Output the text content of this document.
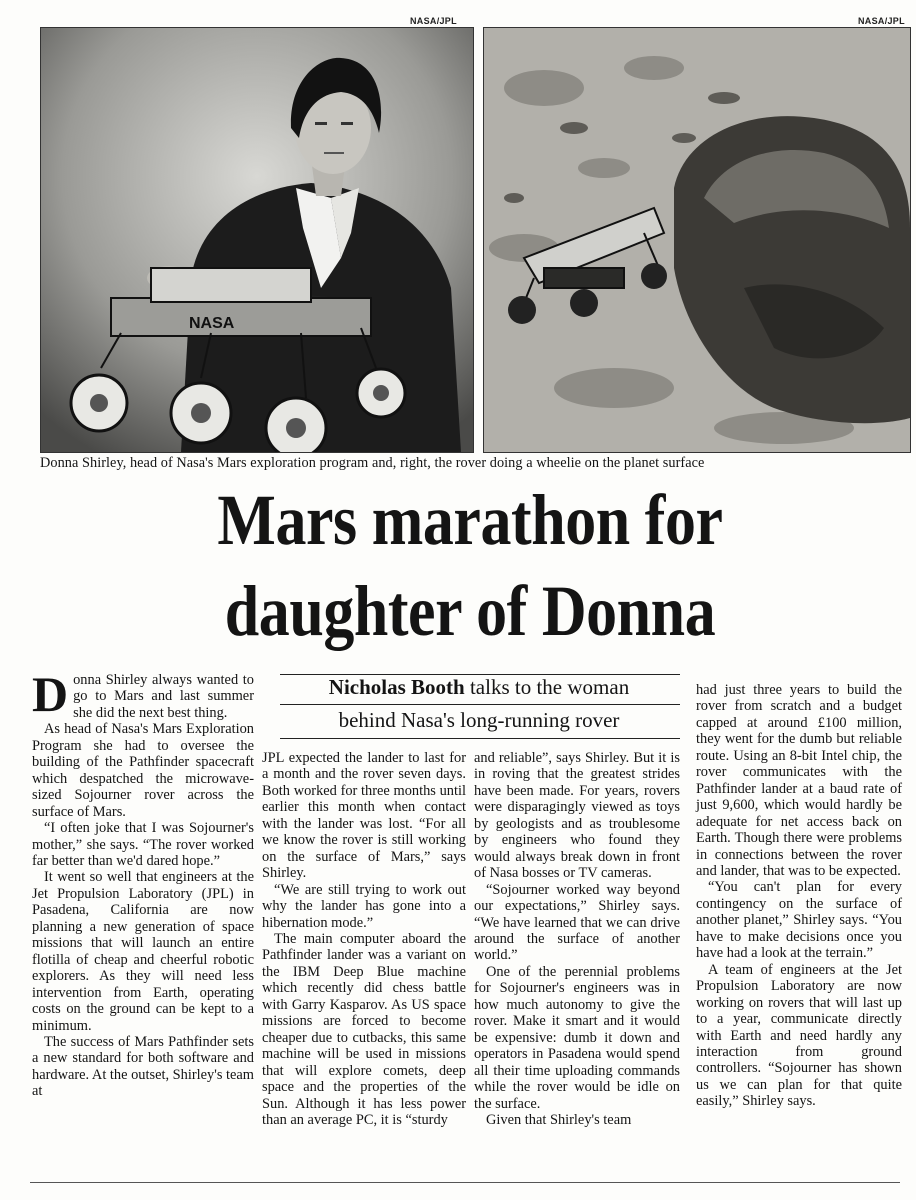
NASA/JPL	NASA/JPL
NASA
Donna Shirley, head of Nasa's Mars exploration program and, right, the rover doing a wheelie on the planet surface
Mars marathon for
daughter of Donna
Nicholas Booth talks to the woman
behind Nasa's long-running rover

Donna Shirley always wanted to go to Mars and last summer she did the next best thing.

As head of Nasa's Mars Exploration Program she had to oversee the building of the Pathfinder spacecraft which despatched the microwave-sized Sojourner rover across the surface of Mars.

“I often joke that I was Sojourner's mother,” she says. “The rover worked far better than we'd dared hope.”

It went so well that engineers at the Jet Propulsion Laboratory (JPL) in Pasadena, California are now planning a new generation of space missions that will launch an entire flotilla of cheap and cheerful robotic explorers. As they will need less intervention from Earth, operating costs on the ground can be kept to a minimum.

The success of Mars Pathfinder sets a new standard for both software and hardware. At the outset, Shirley's team at

JPL expected the lander to last for a month and the rover seven days. Both worked for three months until earlier this month when contact with the lander was lost. “For all we know the rover is still working on the surface of Mars,” says Shirley.

“We are still trying to work out why the lander has gone into a hibernation mode.”

The main computer aboard the Pathfinder lander was a variant on the IBM Deep Blue machine which recently did chess battle with Garry Kasparov. As US space missions are forced to become cheaper due to cutbacks, this same machine will be used in missions that will explore comets, deep space and the properties of the Sun. Although it has less power than an average PC, it is “sturdy

and reliable”, says Shirley. But it is in roving that the greatest strides have been made. For years, rovers were disparagingly viewed as toys by geologists and as troublesome by engineers who found they would always break down in front of Nasa bosses or TV cameras.

“Sojourner worked way beyond our expectations,” Shirley says. “We have learned that we can drive around the surface of another world.”

One of the perennial problems for Sojourner's engineers was in how much autonomy to give the rover. Make it smart and it would be expensive: dumb it down and operators in Pasadena would spend all their time uploading commands while the rover would be idle on the surface.

Given that Shirley's team

had just three years to build the rover from scratch and a budget capped at around £100 million, they went for the dumb but reliable route. Using an 8-bit Intel chip, the rover communicates with the Pathfinder lander at a baud rate of just 9,600, which would hardly be adequate for net access back on Earth. Though there were problems in connections between the rover and lander, that was to be expected.

“You can't plan for every contingency on the surface of another planet,” Shirley says. “You have to make decisions once you have had a look at the terrain.”

A team of engineers at the Jet Propulsion Laboratory are now working on rovers that will last up to a year, communicate directly with Earth and need hardly any interaction from ground controllers. “Sojourner has shown us we can plan for that quite easily,” Shirley says.
